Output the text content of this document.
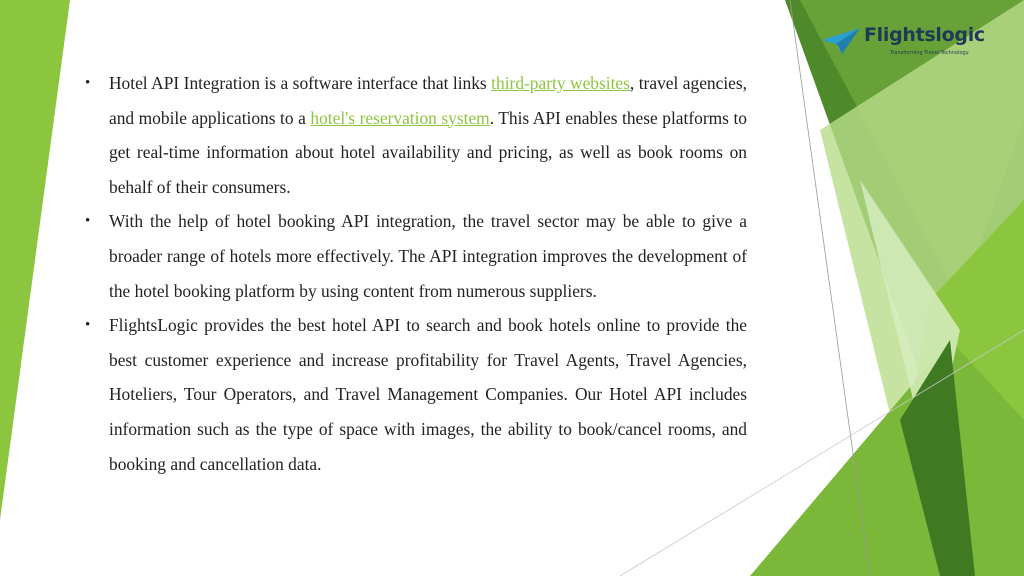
Flightslogic
Transforming Travel Technology
• Hotel API Integration is a software interface that links third-party websites, travel agencies, and mobile applications to a hotel's reservation system. This API enables these platforms to get real-time information about hotel availability and pricing, as well as book rooms on behalf of their consumers.
• With the help of hotel booking API integration, the travel sector may be able to give a broader range of hotels more effectively. The API integration improves the development of the hotel booking platform by using content from numerous suppliers.
• FlightsLogic provides the best hotel API to search and book hotels online to provide the best customer experience and increase profitability for Travel Agents, Travel Agencies, Hoteliers, Tour Operators, and Travel Management Companies. Our Hotel API includes information such as the type of space with images, the ability to book/cancel rooms, and booking and cancellation data.
